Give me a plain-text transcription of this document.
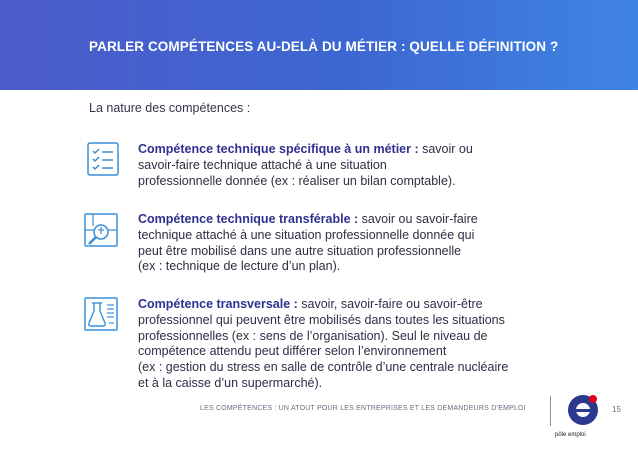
PARLER COMPÉTENCES AU-DELÀ DU MÉTIER : QUELLE DÉFINITION ?
La nature des compétences :
Compétence technique spécifique à un métier : savoir ou
savoir-faire technique attaché à une situation
professionnelle donnée (ex : réaliser un bilan comptable).
Compétence technique transférable : savoir ou savoir-faire
technique attaché à une situation professionnelle donnée qui
peut être mobilisé dans une autre situation professionnelle
(ex : technique de lecture d’un plan).
Compétence transversale : savoir, savoir-faire ou savoir-être
professionnel qui peuvent être mobilisés dans toutes les situations
professionnelles (ex : sens de l’organisation). Seul le niveau de
compétence attendu peut différer selon l’environnement
(ex : gestion du stress en salle de contrôle d’une centrale nucléaire
et à la caisse d’un supermarché).
LES COMPÉTENCES : UN ATOUT POUR LES ENTREPRISES ET LES DEMANDEURS D’EMPLOI
pôle emploi
15
